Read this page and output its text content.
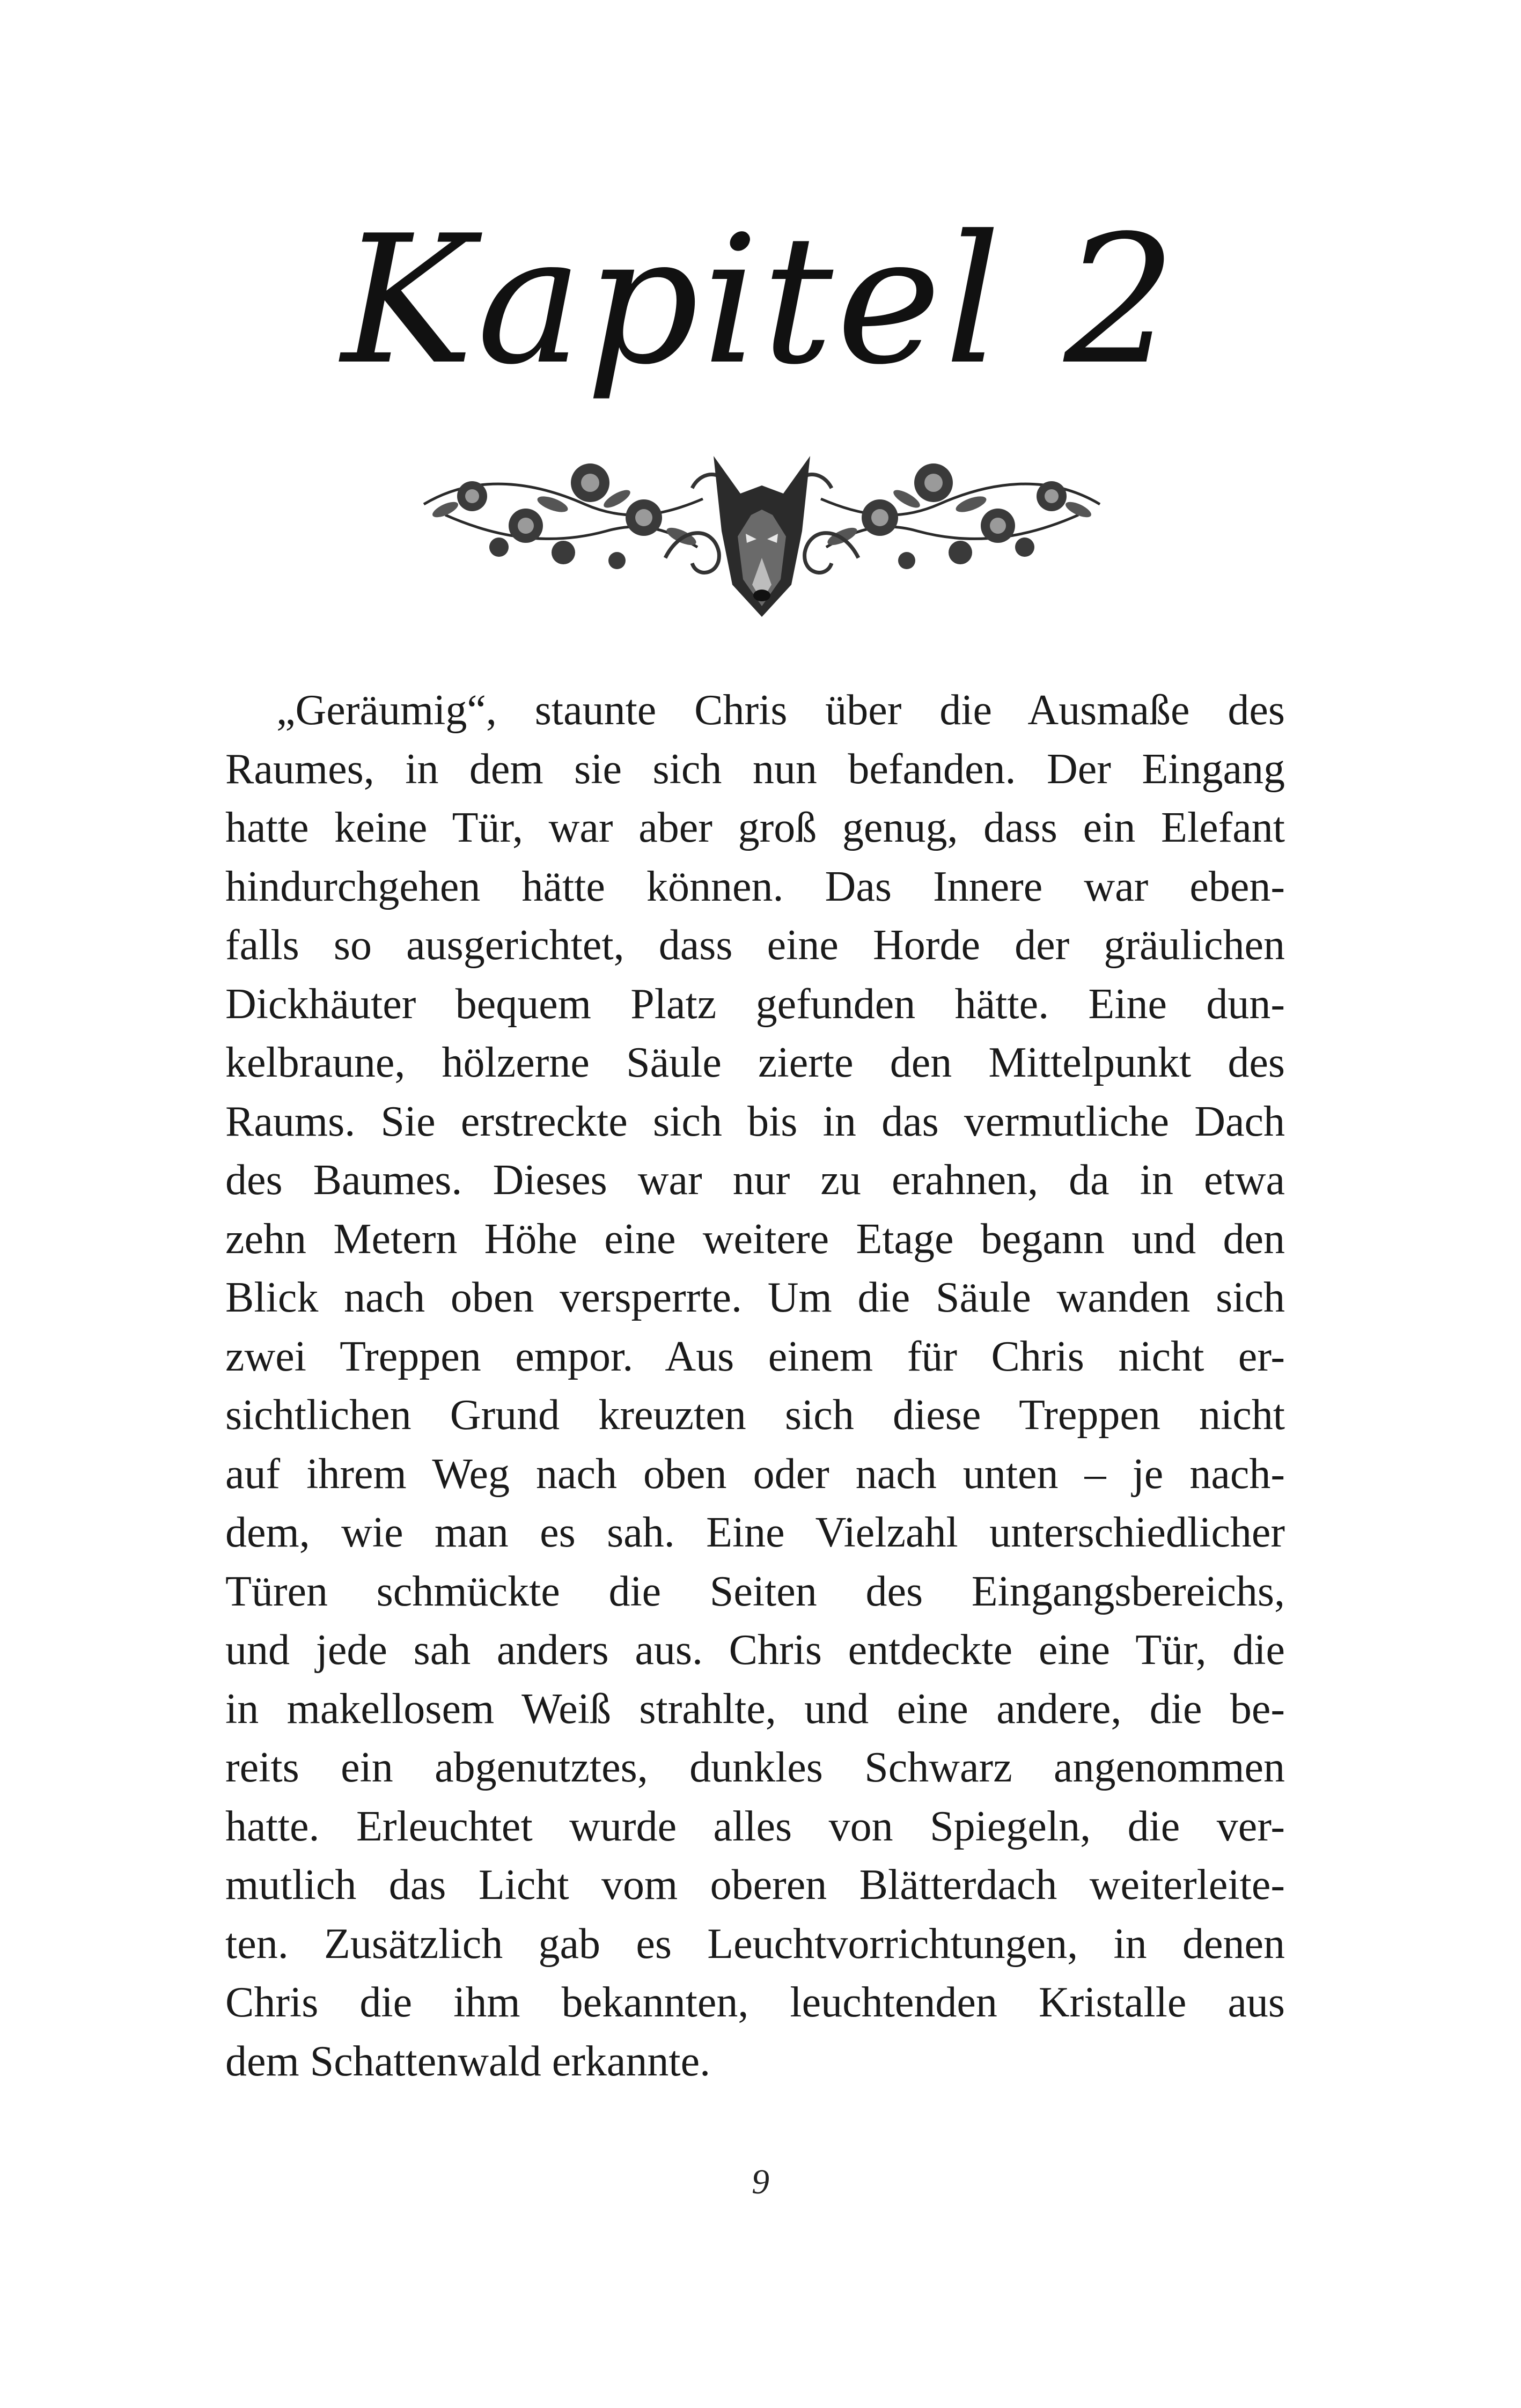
Kapitel 2
„Geräumig“, staunte Chris über die Ausmaße des
Raumes, in dem sie sich nun befanden. Der Eingang
hatte keine Tür, war aber groß genug, dass ein Elefant
hindurchgehen hätte können. Das Innere war eben-
falls so ausgerichtet, dass eine Horde der gräulichen
Dickhäuter bequem Platz gefunden hätte. Eine dun-
kelbraune, hölzerne Säule zierte den Mittelpunkt des
Raums. Sie erstreckte sich bis in das vermutliche Dach
des Baumes. Dieses war nur zu erahnen, da in etwa
zehn Metern Höhe eine weitere Etage begann und den
Blick nach oben versperrte. Um die Säule wanden sich
zwei Treppen empor. Aus einem für Chris nicht er-
sichtlichen Grund kreuzten sich diese Treppen nicht
auf ihrem Weg nach oben oder nach unten – je nach-
dem, wie man es sah. Eine Vielzahl unterschiedlicher
Türen schmückte die Seiten des Eingangsbereichs,
und jede sah anders aus. Chris entdeckte eine Tür, die
in makellosem Weiß strahlte, und eine andere, die be-
reits ein abgenutztes, dunkles Schwarz angenommen
hatte. Erleuchtet wurde alles von Spiegeln, die ver-
mutlich das Licht vom oberen Blätterdach weiterleite-
ten. Zusätzlich gab es Leuchtvorrichtungen, in denen
Chris die ihm bekannten, leuchtenden Kristalle aus
dem Schattenwald erkannte.
9
